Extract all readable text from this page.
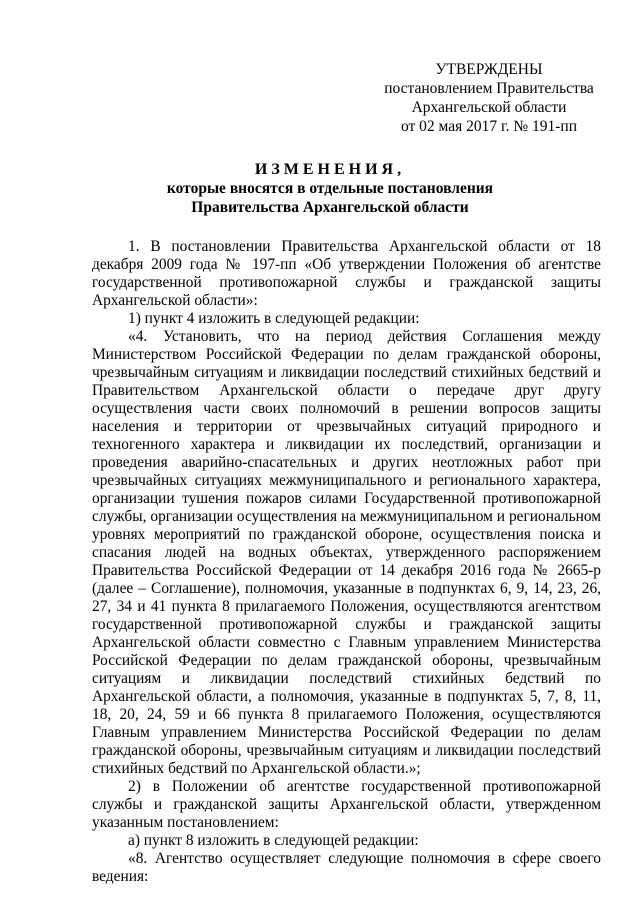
УТВЕРЖДЕНЫ
постановлением Правительства
Архангельской области
от 02 мая 2017 г. № 191-пп
ИЗМЕНЕНИЯ,
которые вносятся в отдельные постановления
Правительства Архангельской области

1. В постановлении Правительства Архангельской области от 18 декабря 2009 года № 197-пп «Об утверждении Положения об агентстве государственной противопожарной службы и гражданской защиты Архангельской области»:

1) пункт 4 изложить в следующей редакции:

«4. Установить, что на период действия Соглашения между Министерством Российской Федерации по делам гражданской обороны, чрезвычайным ситуациям и ликвидации последствий стихийных бедствий и Правительством Архангельской области о передаче друг другу осуществления части своих полномочий в решении вопросов защиты населения и территории от чрезвычайных ситуаций природного и техногенного характера и ликвидации их последствий, организации и проведения аварийно-спасательных и других неотложных работ при чрезвычайных ситуациях межмуниципального и регионального характера, организации тушения пожаров силами Государственной противопожарной службы, организации осуществления на межмуниципальном и региональном уровнях мероприятий по гражданской обороне, осуществления поиска и спасания людей на водных объектах, утвержденного распоряжением Правительства Российской Федерации от 14 декабря 2016 года № 2665-р (далее – Соглашение), полномочия, указанные в подпунктах 6, 9, 14, 23, 26, 27, 34 и 41 пункта 8 прилагаемого Положения, осуществляются агентством государственной противопожарной службы и гражданской защиты Архангельской области совместно с Главным управлением Министерства Российской Федерации по делам гражданской обороны, чрезвычайным ситуациям и ликвидации последствий стихийных бедствий по Архангельской области, а полномочия, указанные в подпунктах 5, 7, 8, 11, 18, 20, 24, 59 и 66 пункта 8 прилагаемого Положения, осуществляются Главным управлением Министерства Российской Федерации по делам гражданской обороны, чрезвычайным ситуациям и ликвидации последствий стихийных бедствий по Архангельской области.»;

2) в Положении об агентстве государственной противопожарной службы и гражданской защиты Архангельской области, утвержденном указанным постановлением:

а) пункт 8 изложить в следующей редакции:

«8. Агентство осуществляет следующие полномочия в сфере своего ведения:
